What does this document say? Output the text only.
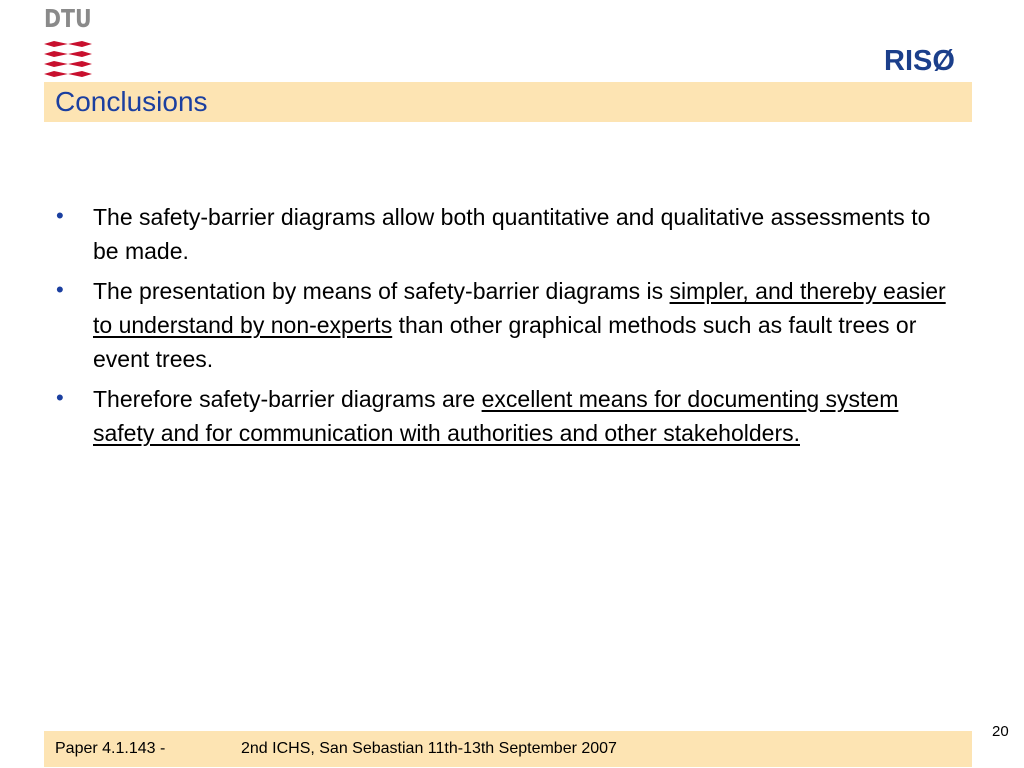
DTU
RISØ
Conclusions
• The safety-barrier diagrams allow both quantitative and qualitative assessments to be made.
• The presentation by means of safety-barrier diagrams is simpler, and thereby easier to understand by non-experts than other graphical methods such as fault trees or event trees.
• Therefore safety-barrier diagrams are excellent means for documenting system safety and for communication with authorities and other stakeholders.
20
Paper 4.1.143 -	2nd ICHS, San Sebastian 11th-13th September 2007
